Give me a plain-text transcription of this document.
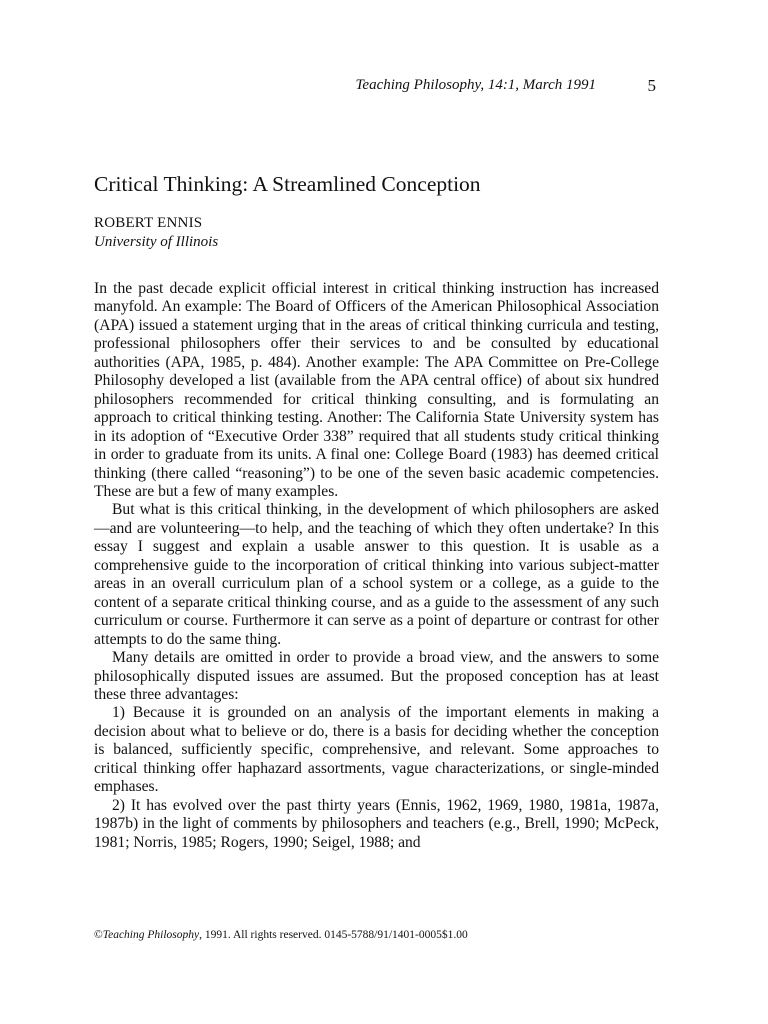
Teaching Philosophy, 14:1, March 1991	5
Critical Thinking: A Streamlined Conception
ROBERT ENNIS
University of Illinois

In the past decade explicit official interest in critical thinking instruction has increased manyfold. An example: The Board of Officers of the American Philosophical Association (APA) issued a statement urging that in the areas of critical thinking curricula and testing, professional philosophers offer their services to and be consulted by educational authorities (APA, 1985, p. 484). Another example: The APA Committee on Pre-College Philosophy developed a list (available from the APA central office) of about six hundred philosophers recommended for critical thinking consulting, and is formulating an approach to critical thinking testing. Another: The California State University system has in its adoption of “Executive Order 338” required that all students study critical thinking in order to graduate from its units. A final one: College Board (1983) has deemed critical thinking (there called “reasoning”) to be one of the seven basic academic competencies. These are but a few of many examples.

But what is this critical thinking, in the development of which philosophers are asked—and are volunteering—to help, and the teaching of which they often undertake? In this essay I suggest and explain a usable answer to this question. It is usable as a comprehensive guide to the incorporation of critical thinking into various subject-matter areas in an overall curriculum plan of a school system or a college, as a guide to the content of a separate critical thinking course, and as a guide to the assessment of any such curriculum or course. Furthermore it can serve as a point of departure or contrast for other attempts to do the same thing.

Many details are omitted in order to provide a broad view, and the answers to some philosophically disputed issues are assumed. But the proposed conception has at least these three advantages:

1) Because it is grounded on an analysis of the important elements in making a decision about what to believe or do, there is a basis for deciding whether the conception is balanced, sufficiently specific, comprehensive, and relevant. Some approaches to critical thinking offer haphazard assortments, vague characterizations, or single-minded emphases.

2) It has evolved over the past thirty years (Ennis, 1962, 1969, 1980, 1981a, 1987a, 1987b) in the light of comments by philosophers and teachers (e.g., Brell, 1990; McPeck, 1981; Norris, 1985; Rogers, 1990; Seigel, 1988; and

©Teaching Philosophy, 1991. All rights reserved. 0145-5788/91/1401-0005$1.00
